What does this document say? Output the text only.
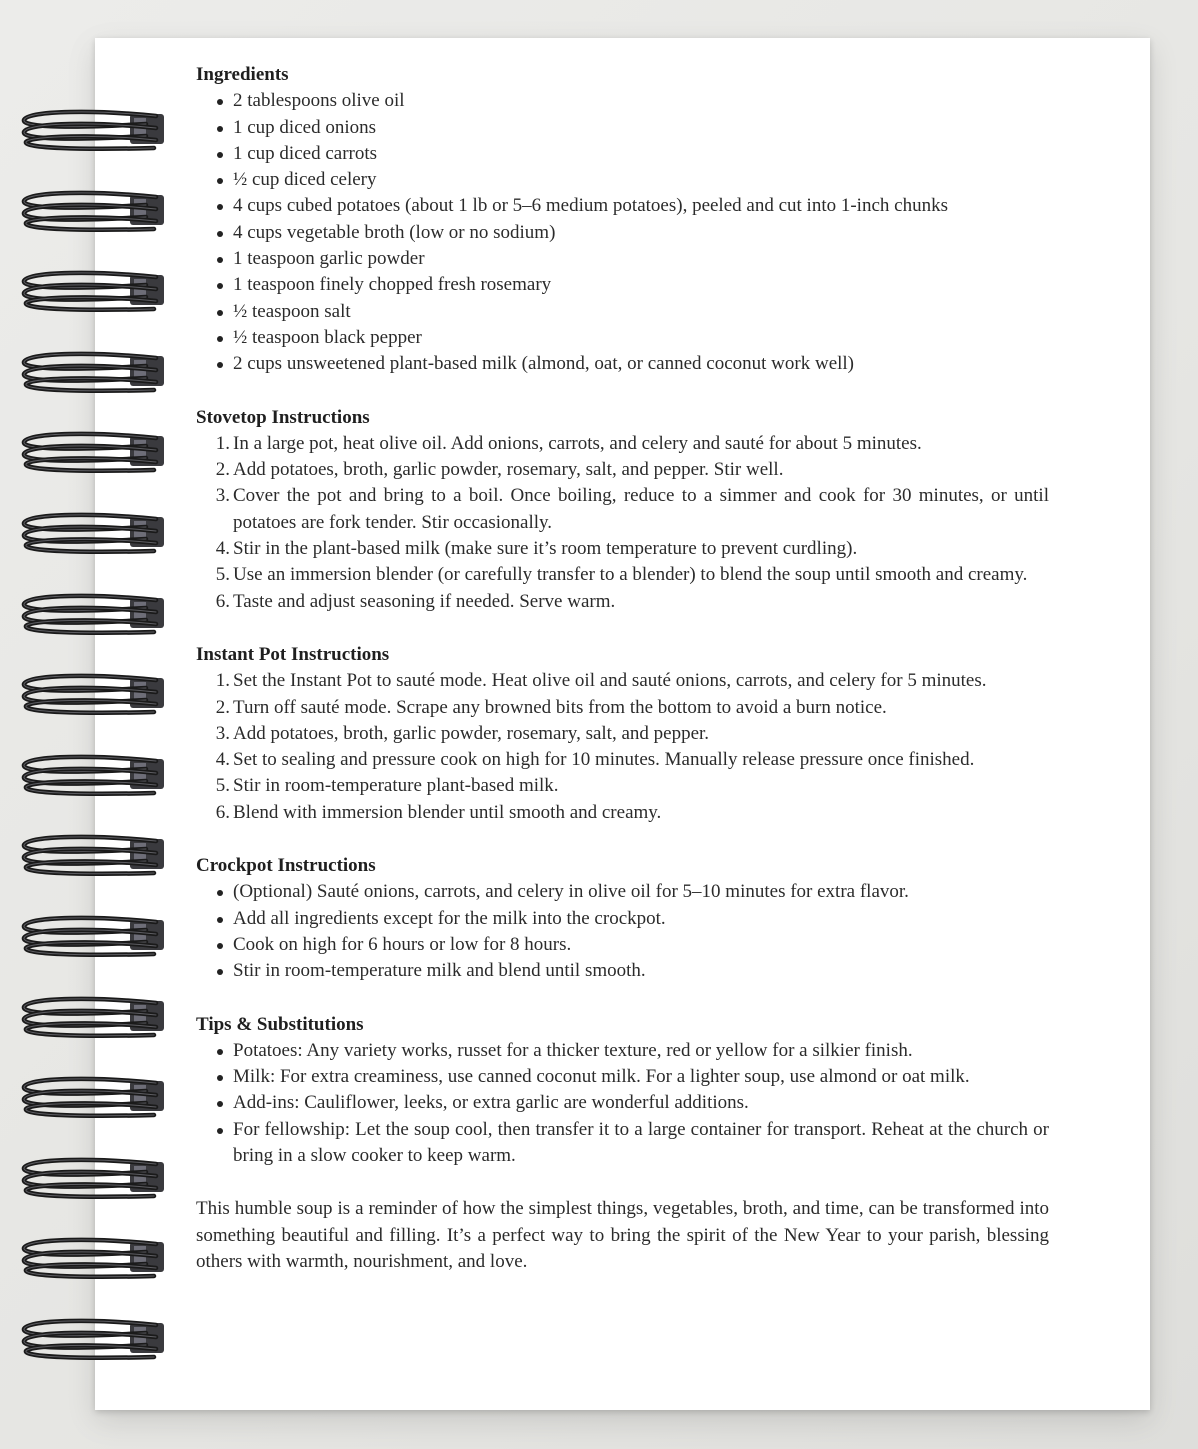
Ingredients

2 tablespoons olive oil
1 cup diced onions
1 cup diced carrots
½ cup diced celery
4 cups cubed potatoes (about 1 lb or 5–6 medium potatoes), peeled and cut into 1-inch chunks
4 cups vegetable broth (low or no sodium)
1 teaspoon garlic powder
1 teaspoon finely chopped fresh rosemary
½ teaspoon salt
½ teaspoon black pepper
2 cups unsweetened plant-based milk (almond, oat, or canned coconut work well)

Stovetop Instructions

1. In a large pot, heat olive oil. Add onions, carrots, and celery and sauté for about 5 minutes.
2. Add potatoes, broth, garlic powder, rosemary, salt, and pepper. Stir well.
3. Cover the pot and bring to a boil. Once boiling, reduce to a simmer and cook for 30 minutes, or until potatoes are fork tender. Stir occasionally.
4. Stir in the plant-based milk (make sure it’s room temperature to prevent curdling).
5. Use an immersion blender (or carefully transfer to a blender) to blend the soup until smooth and creamy.
6. Taste and adjust seasoning if needed. Serve warm.

Instant Pot Instructions

1. Set the Instant Pot to sauté mode. Heat olive oil and sauté onions, carrots, and celery for 5 minutes.
2. Turn off sauté mode. Scrape any browned bits from the bottom to avoid a burn notice.
3. Add potatoes, broth, garlic powder, rosemary, salt, and pepper.
4. Set to sealing and pressure cook on high for 10 minutes. Manually release pressure once finished.
5. Stir in room-temperature plant-based milk.
6. Blend with immersion blender until smooth and creamy.

Crockpot Instructions

(Optional) Sauté onions, carrots, and celery in olive oil for 5–10 minutes for extra flavor.
Add all ingredients except for the milk into the crockpot.
Cook on high for 6 hours or low for 8 hours.
Stir in room-temperature milk and blend until smooth.

Tips & Substitutions

Potatoes: Any variety works, russet for a thicker texture, red or yellow for a silkier finish.
Milk: For extra creaminess, use canned coconut milk. For a lighter soup, use almond or oat milk.
Add-ins: Cauliflower, leeks, or extra garlic are wonderful additions.
For fellowship: Let the soup cool, then transfer it to a large container for transport. Reheat at the church or bring in a slow cooker to keep warm.

This humble soup is a reminder of how the simplest things, vegetables, broth, and time, can be transformed into something beautiful and filling. It’s a perfect way to bring the spirit of the New Year to your parish, blessing others with warmth, nourishment, and love.
